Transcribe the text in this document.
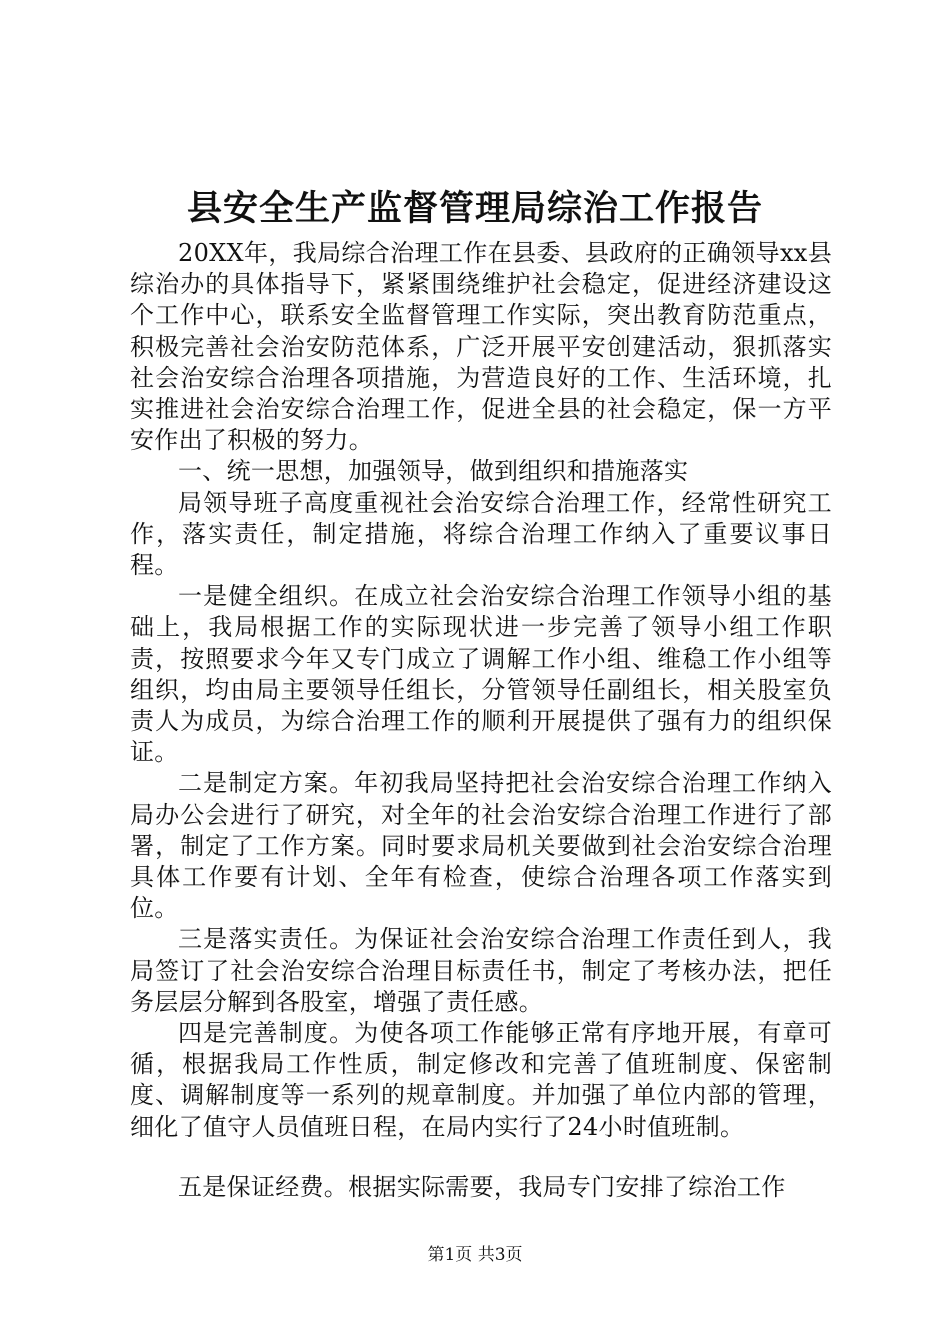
县安全生产监督管理局综治工作报告

20XX年，我局综合治理工作在县委、县政府的正确领导xx县综治办的具体指导下，紧紧围绕维护社会稳定，促进经济建设这个工作中心，联系安全监督管理工作实际，突出教育防范重点，积极完善社会治安防范体系，广泛开展平安创建活动，狠抓落实社会治安综合治理各项措施，为营造良好的工作、生活环境，扎实推进社会治安综合治理工作，促进全县的社会稳定，保一方平安作出了积极的努力。

一、统一思想，加强领导，做到组织和措施落实

局领导班子高度重视社会治安综合治理工作，经常性研究工作，落实责任，制定措施，将综合治理工作纳入了重要议事日程。

一是健全组织。在成立社会治安综合治理工作领导小组的基础上，我局根据工作的实际现状进一步完善了领导小组工作职责，按照要求今年又专门成立了调解工作小组、维稳工作小组等组织，均由局主要领导任组长，分管领导任副组长，相关股室负责人为成员，为综合治理工作的顺利开展提供了强有力的组织保证。

二是制定方案。年初我局坚持把社会治安综合治理工作纳入局办公会进行了研究，对全年的社会治安综合治理工作进行了部署，制定了工作方案。同时要求局机关要做到社会治安综合治理具体工作要有计划、全年有检查，使综合治理各项工作落实到位。

三是落实责任。为保证社会治安综合治理工作责任到人，我局签订了社会治安综合治理目标责任书，制定了考核办法，把任务层层分解到各股室，增强了责任感。

四是完善制度。为使各项工作能够正常有序地开展，有章可循，根据我局工作性质，制定修改和完善了值班制度、保密制度、调解制度等一系列的规章制度。并加强了单位内部的管理，细化了值守人员值班日程，在局内实行了24小时值班制。

五是保证经费。根据实际需要，我局专门安排了综治工作

第1页 共3页
